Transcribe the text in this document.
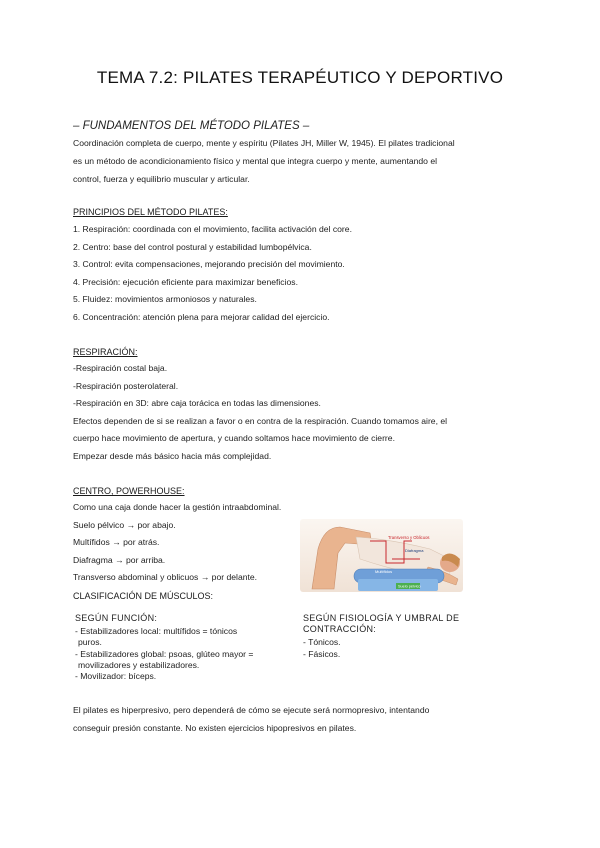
TEMA 7.2: PILATES TERAPÉUTICO Y DEPORTIVO
– FUNDAMENTOS DEL MÉTODO PILATES –

Coordinación completa de cuerpo, mente y espíritu (Pilates JH, Miller W, 1945). El pilates tradicional

es un método de acondicionamiento físico y mental que integra cuerpo y mente, aumentando el

control, fuerza y equilibrio muscular y articular.

PRINCIPIOS DEL MÉTODO PILATES:
1. Respiración: coordinada con el movimiento, facilita activación del core.
2. Centro: base del control postural y estabilidad lumbopélvica.
3. Control: evita compensaciones, mejorando precisión del movimiento.
4. Precisión: ejecución eficiente para maximizar beneficios.
5. Fluidez: movimientos armoniosos y naturales.
6. Concentración: atención plena para mejorar calidad del ejercicio.
RESPIRACIÓN:
-Respiración costal baja.
-Respiración posterolateral.
-Respiración en 3D: abre caja torácica en todas las dimensiones.
Efectos dependen de si se realizan a favor o en contra de la respiración. Cuando tomamos aire, el
cuerpo hace movimiento de apertura, y cuando soltamos hace movimiento de cierre.
Empezar desde más básico hacia más complejidad.
CENTRO, POWERHOUSE:
Como una caja donde hacer la gestión intraabdominal.
Suelo pélvico → por abajo.
Multífidos → por atrás.
Diafragma → por arriba.
Transverso abdominal y oblicuos → por delante.
Transverso y Oblicuos
Diafragma
Multífidos
Suelo pélvico
CLASIFICACIÓN DE MÚSCULOS:
SEGÚN FUNCIÓN:
- Estabilizadores local: multífidos = tónicos
puros.
- Estabilizadores global: psoas, glúteo mayor =
movilizadores y estabilizadores.
- Movilizador: bíceps.
SEGÚN FISIOLOGÍA Y UMBRAL DE
CONTRACCIÓN:
- Tónicos.
- Fásicos.

El pilates es hiperpresivo, pero dependerá de cómo se ejecute será normopresivo, intentando

conseguir presión constante. No existen ejercicios hipopresivos en pilates.
